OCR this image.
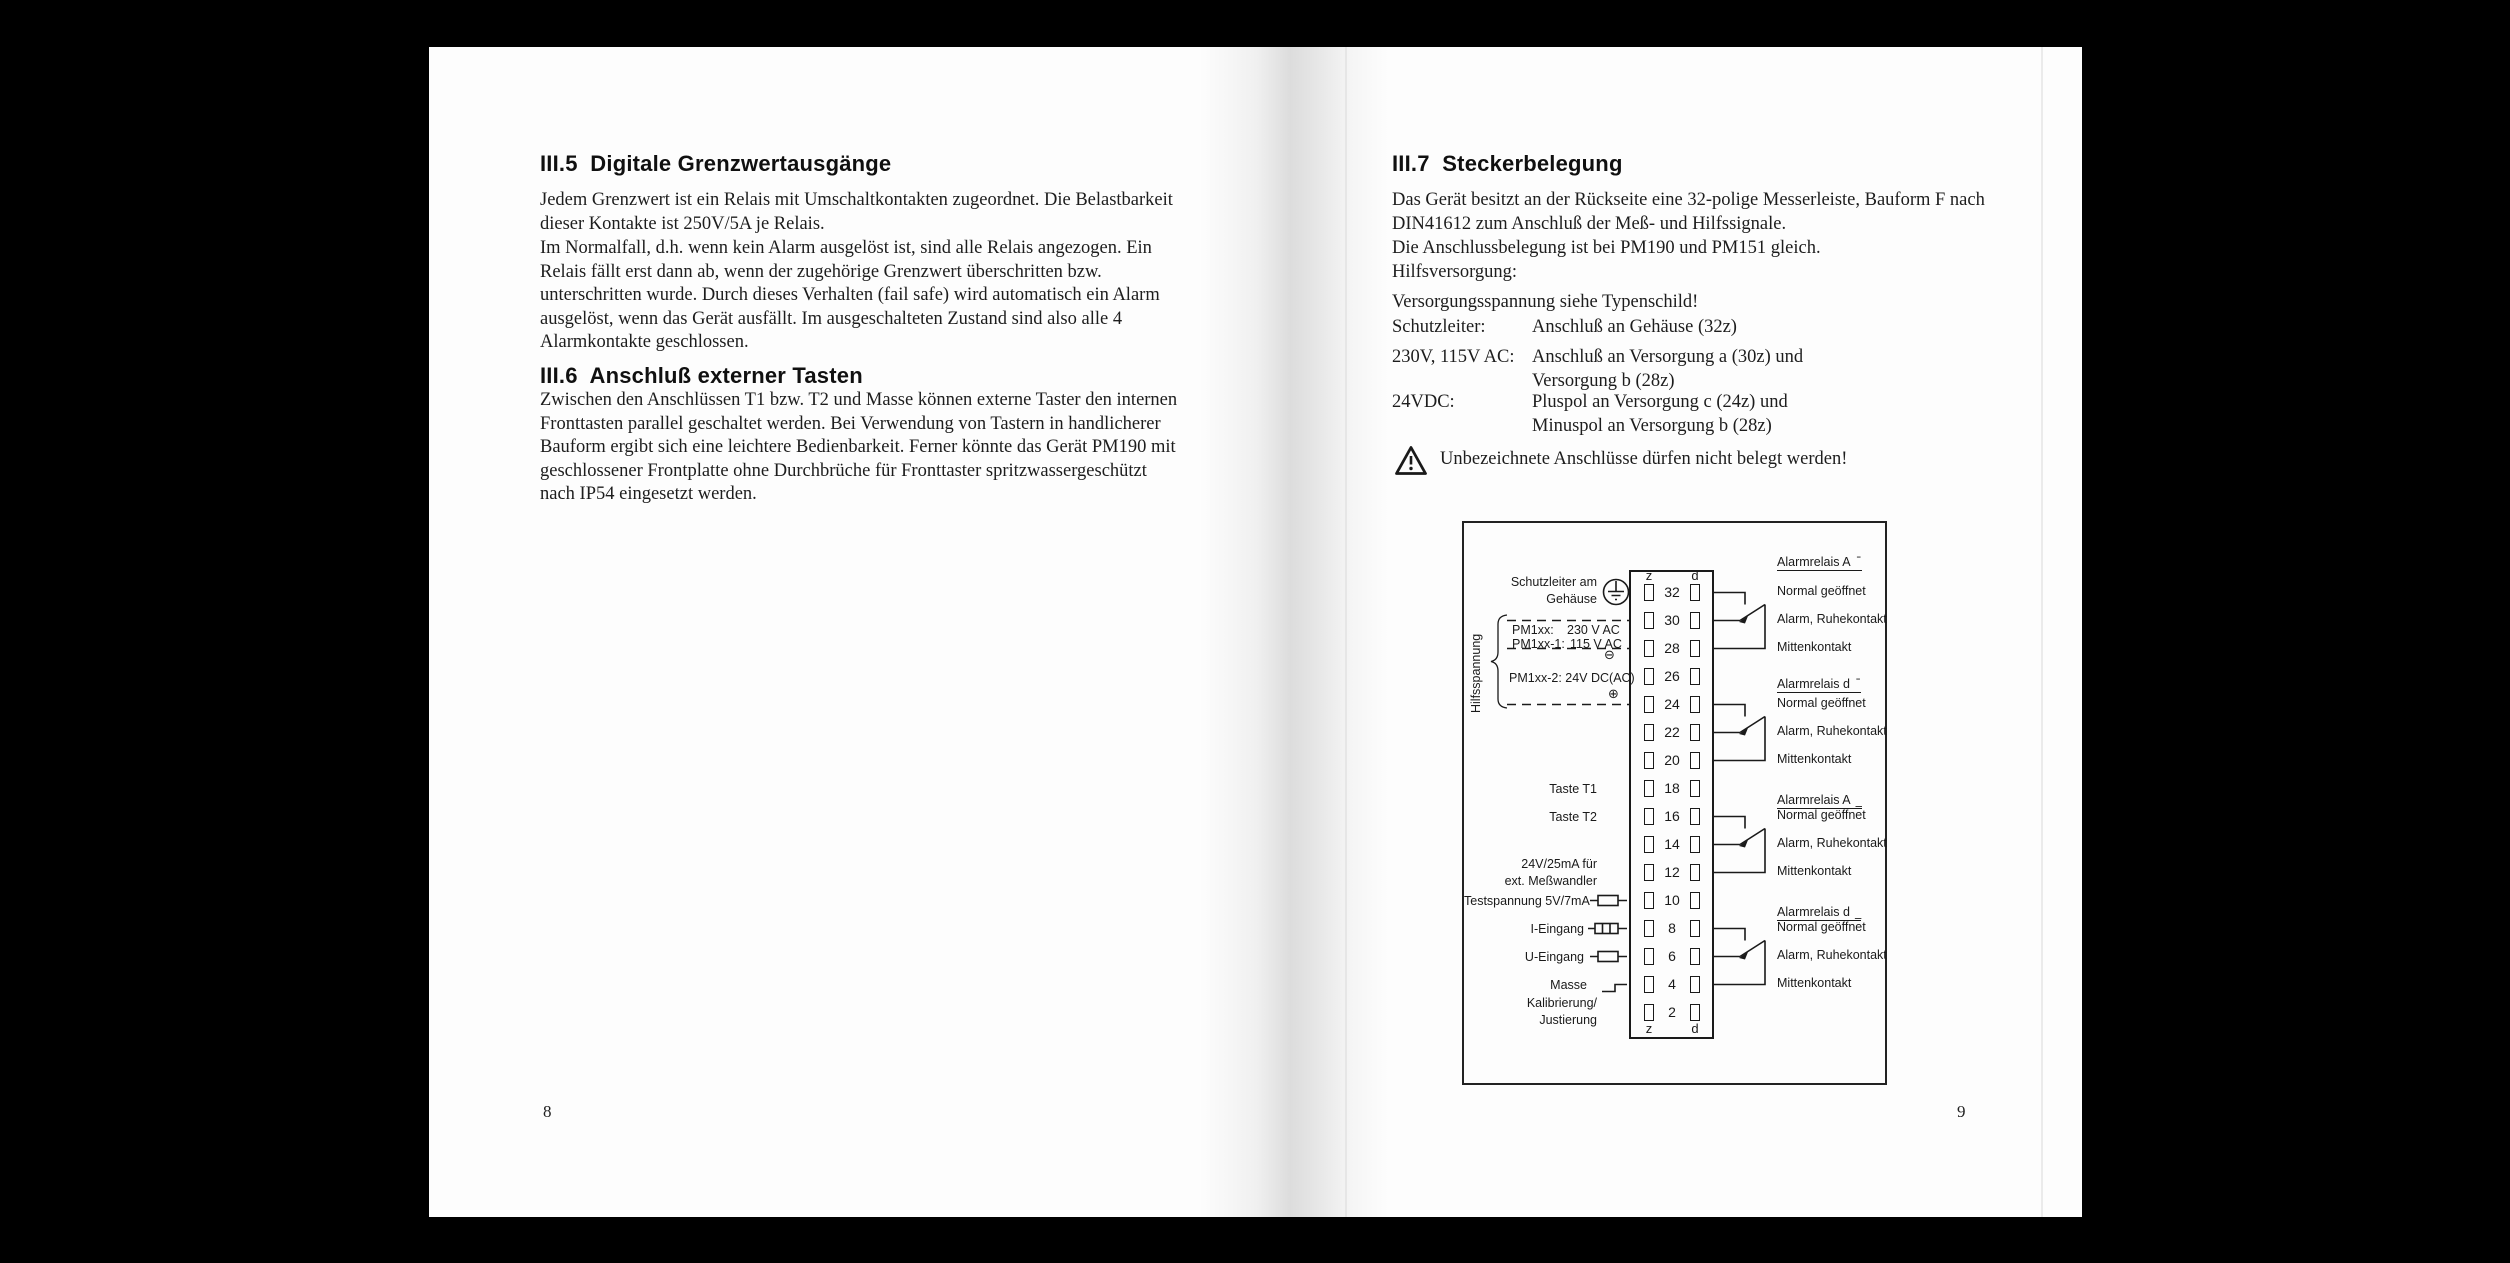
III.5  Digitale Grenzwertausgänge
Jedem Grenzwert ist ein Relais mit Umschaltkontakten zugeordnet. Die Belastbarkeit dieser Kontakte ist 250V/5A je Relais.
Im Normalfall, d.h. wenn kein Alarm ausgelöst ist, sind alle Relais angezogen. Ein Relais fällt erst dann ab, wenn der zugehörige Grenzwert überschritten bzw. unterschritten wurde. Durch dieses Verhalten (fail safe) wird automatisch ein Alarm ausgelöst, wenn das Gerät ausfällt. Im ausgeschalteten Zustand sind also alle 4 Alarmkontakte geschlossen.
III.6  Anschluß externer Tasten
Zwischen den Anschlüssen T1 bzw. T2 und Masse können externe Taster den internen Fronttasten parallel geschaltet werden. Bei Verwendung von Tastern in handlicherer Bauform ergibt sich eine leichtere Bedienbarkeit. Ferner könnte das Gerät PM190 mit geschlossener Frontplatte ohne Durchbrüche für Fronttaster spritzwassergeschützt nach IP54 eingesetzt werden.
8
III.7  Steckerbelegung
Das Gerät besitzt an der Rückseite eine 32-polige Messerleiste, Bauform F nach DIN41612 zum Anschluß der Meß- und Hilfssignale.
Die Anschlussbelegung ist bei PM190 und PM151 gleich.
Hilfsversorgung:
Versorgungsspannung siehe Typenschild!
Schutzleiter:	Anschluß an Gehäuse (32z)
230V, 115V AC: Anschluß an Versorgung a (30z) und
Versorgung b (28z)
24VDC:	Pluspol an Versorgung c (24z) und
Minuspol an Versorgung b (28z)
Unbezeichnete Anschlüsse dürfen nicht belegt werden!
z	d
z	d
32
30
28
26
24
22
20
18
16
14
12
10
8
6
4
2
Hilfsspannung
Schutzleiter am
Gehäuse
PM1xx: 230 V AC
PM1xx-1: 115 V AC
⊖
PM1xx-2: 24V DC(AC)
⊕
Taste T1
Taste T2
24V/25mA für
ext. Meßwandler
Testspannung 5V/7mA
I-Eingang
U-Eingang
Masse
Kalibrierung/
Justierung
Alarmrelais A ¯
Normal geöffnet
Alarm, Ruhekontakt
Mittenkontakt
Alarmrelais d ¯
Normal geöffnet
Alarm, Ruhekontakt
Mittenkontakt
Alarmrelais A _
Normal geöffnet
Alarm, Ruhekontakt
Mittenkontakt
Alarmrelais d _
Normal geöffnet
Alarm, Ruhekontakt
Mittenkontakt
9
